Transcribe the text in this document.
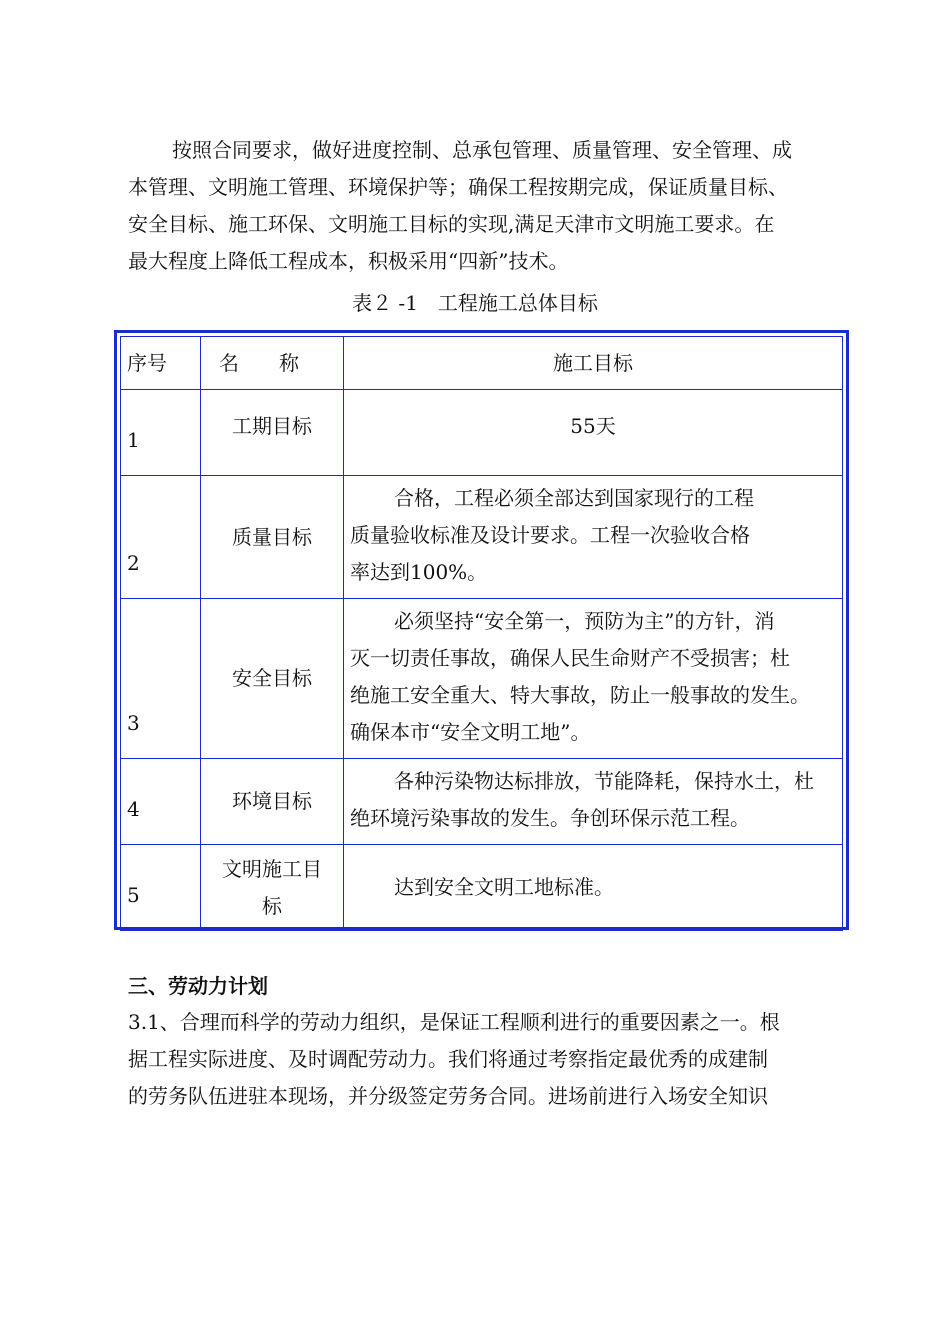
按照合同要求，做好进度控制、总承包管理、质量管理、安全管理、成
本管理、文明施工管理、环境保护等；确保工程按期完成，保证质量目标、
安全目标、施工环保、文明施工目标的实现,满足天津市文明施工要求。在
最大程度上降低工程成本，积极采用“四新”技术。
表２ -1　工程施工总体目标
序号	名　　称	施工目标
1	工期目标	55天

2	质量目标	合格，工程必须全部达到国家现行的工程
质量验收标准及设计要求。工程一次验收合格
率达到100%。

3	安全目标	必须坚持“安全第一，预防为主”的方针，消
灭一切责任事故，确保人民生命财产不受损害；杜
绝施工安全重大、特大事故，防止一般事故的发生。
确保本市“安全文明工地”。

4	环境目标	各种污染物达标排放，节能降耗，保持水土，杜
绝环境污染事故的发生。争创环保示范工程。

5	文明施工目
标	达到安全文明工地标准。
三、劳动力计划
3.1、合理而科学的劳动力组织，是保证工程顺利进行的重要因素之一。根
据工程实际进度、及时调配劳动力。我们将通过考察指定最优秀的成建制
的劳务队伍进驻本现场，并分级签定劳务合同。进场前进行入场安全知识
